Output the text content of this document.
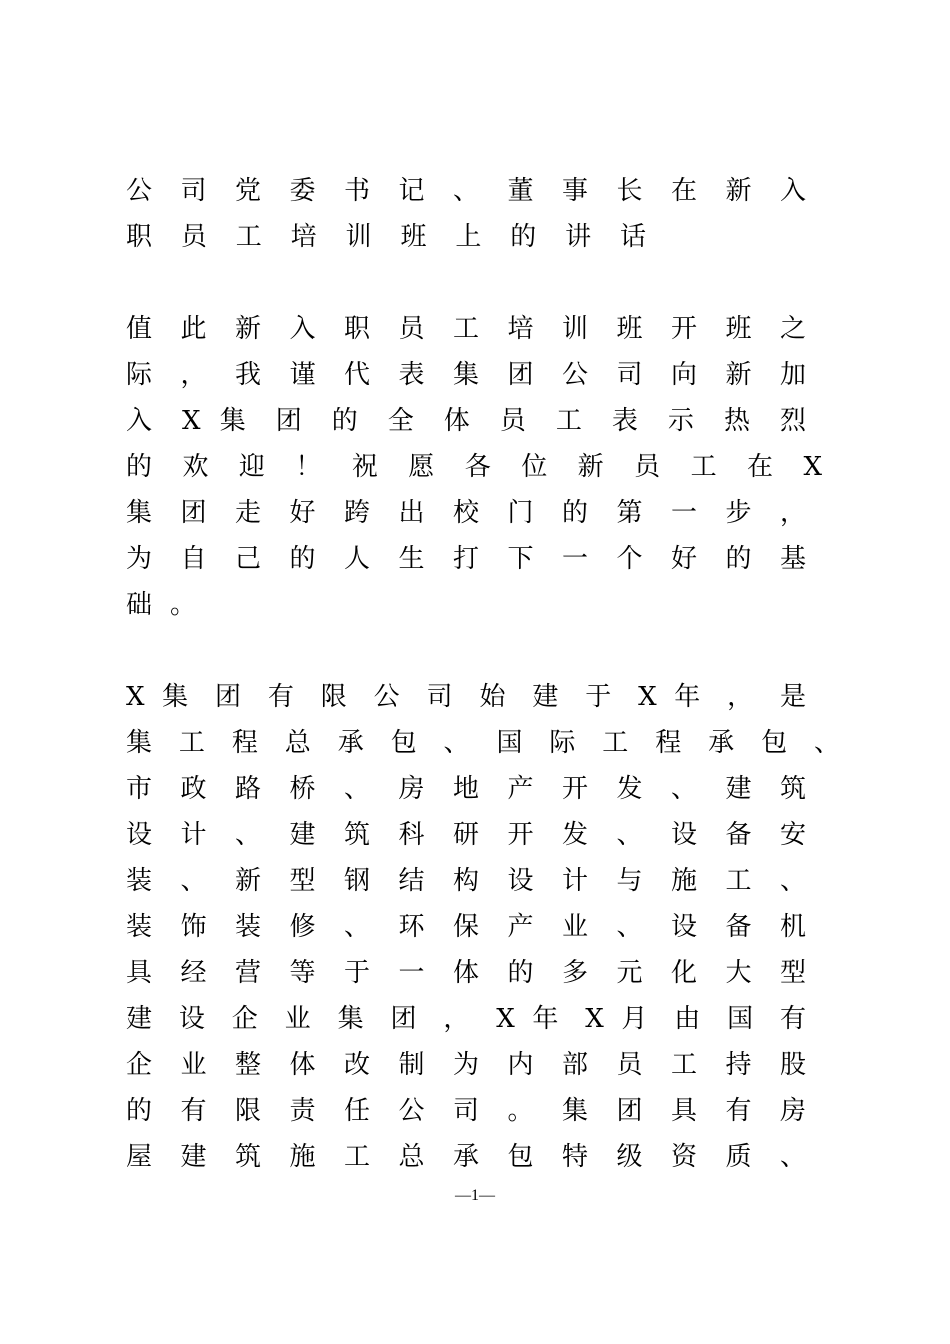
公 司 党 委 书 记 、 董 事 长 在 新 入
职 员 工 培 训 班 上 的 讲 话
值 此 新 入 职 员 工 培 训 班 开 班 之
际 ， 我 谨 代 表 集 团 公 司 向 新 加
入 X 集 团 的 全 体 员 工 表 示 热 烈
的 欢 迎 ！ 祝 愿 各 位 新 员 工 在 X
集 团 走 好 跨 出 校 门 的 第 一 步 ，
为 自 己 的 人 生 打 下 一 个 好 的 基
础 。
X 集 团 有 限 公 司 始 建 于 X 年 ， 是
集 工 程 总 承 包 、 国 际 工 程 承 包 、
市 政 路 桥 、 房 地 产 开 发 、 建 筑
设 计 、 建 筑 科 研 开 发 、 设 备 安
装 、 新 型 钢 结 构 设 计 与 施 工 、
装 饰 装 修 、 环 保 产 业 、 设 备 机
具 经 营 等 于 一 体 的 多 元 化 大 型
建 设 企 业 集 团 ， X 年 X 月 由 国 有
企 业 整 体 改 制 为 内 部 员 工 持 股
的 有 限 责 任 公 司 。 集 团 具 有 房
屋 建 筑 施 工 总 承 包 特 级 资 质 、
—1—
